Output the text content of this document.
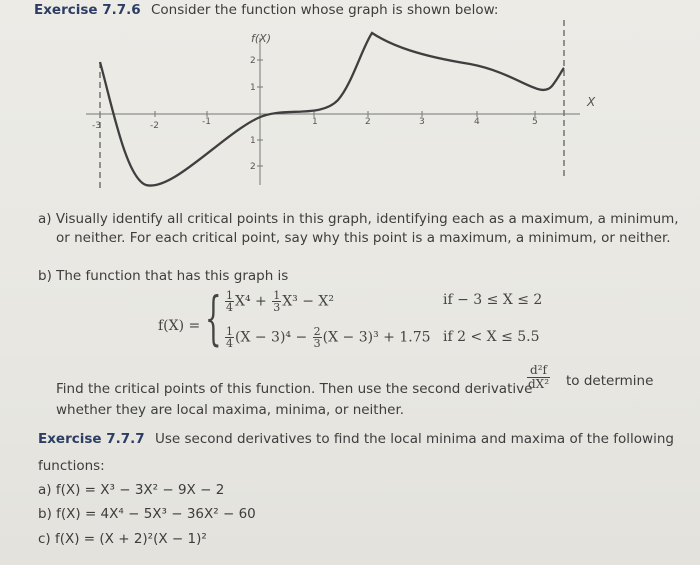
Exercise 7.7.6 Consider the function whose graph is shown below:
-3	-2	-1	1	2	3	4	5
2
1
1
2
f(X)
X
a) Visually identify all critical points in this graph, identifying each as a maximum, a minimum,
or neither. For each critical point, say why this point is a maximum, a minimum, or neither.
b) The function that has this graph is
f(X) = { $\frac{1}{4} X^4 + \frac{1}{3} X^3 - X^2$	if − 3 ≤ X ≤ 2
$\frac{1}{4} (X - 3)^4 - \frac{2}{3} (X - 3)^3 + 1.75$ if 2 < X ≤ 5.5
Find the critical points of this function. Then use the second derivative
$\frac{\text{d²f}}{\text{dX²}}$ to determine
whether they are local maxima, minima, or neither.
Exercise 7.7.7 Use second derivatives to find the local minima and maxima of the following
functions:
a) f(X) = X³ − 3X² − 9X − 2
b) f(X) = 4X⁴ − 5X³ − 36X² − 60
c) f(X) = (X + 2)²(X − 1)²
